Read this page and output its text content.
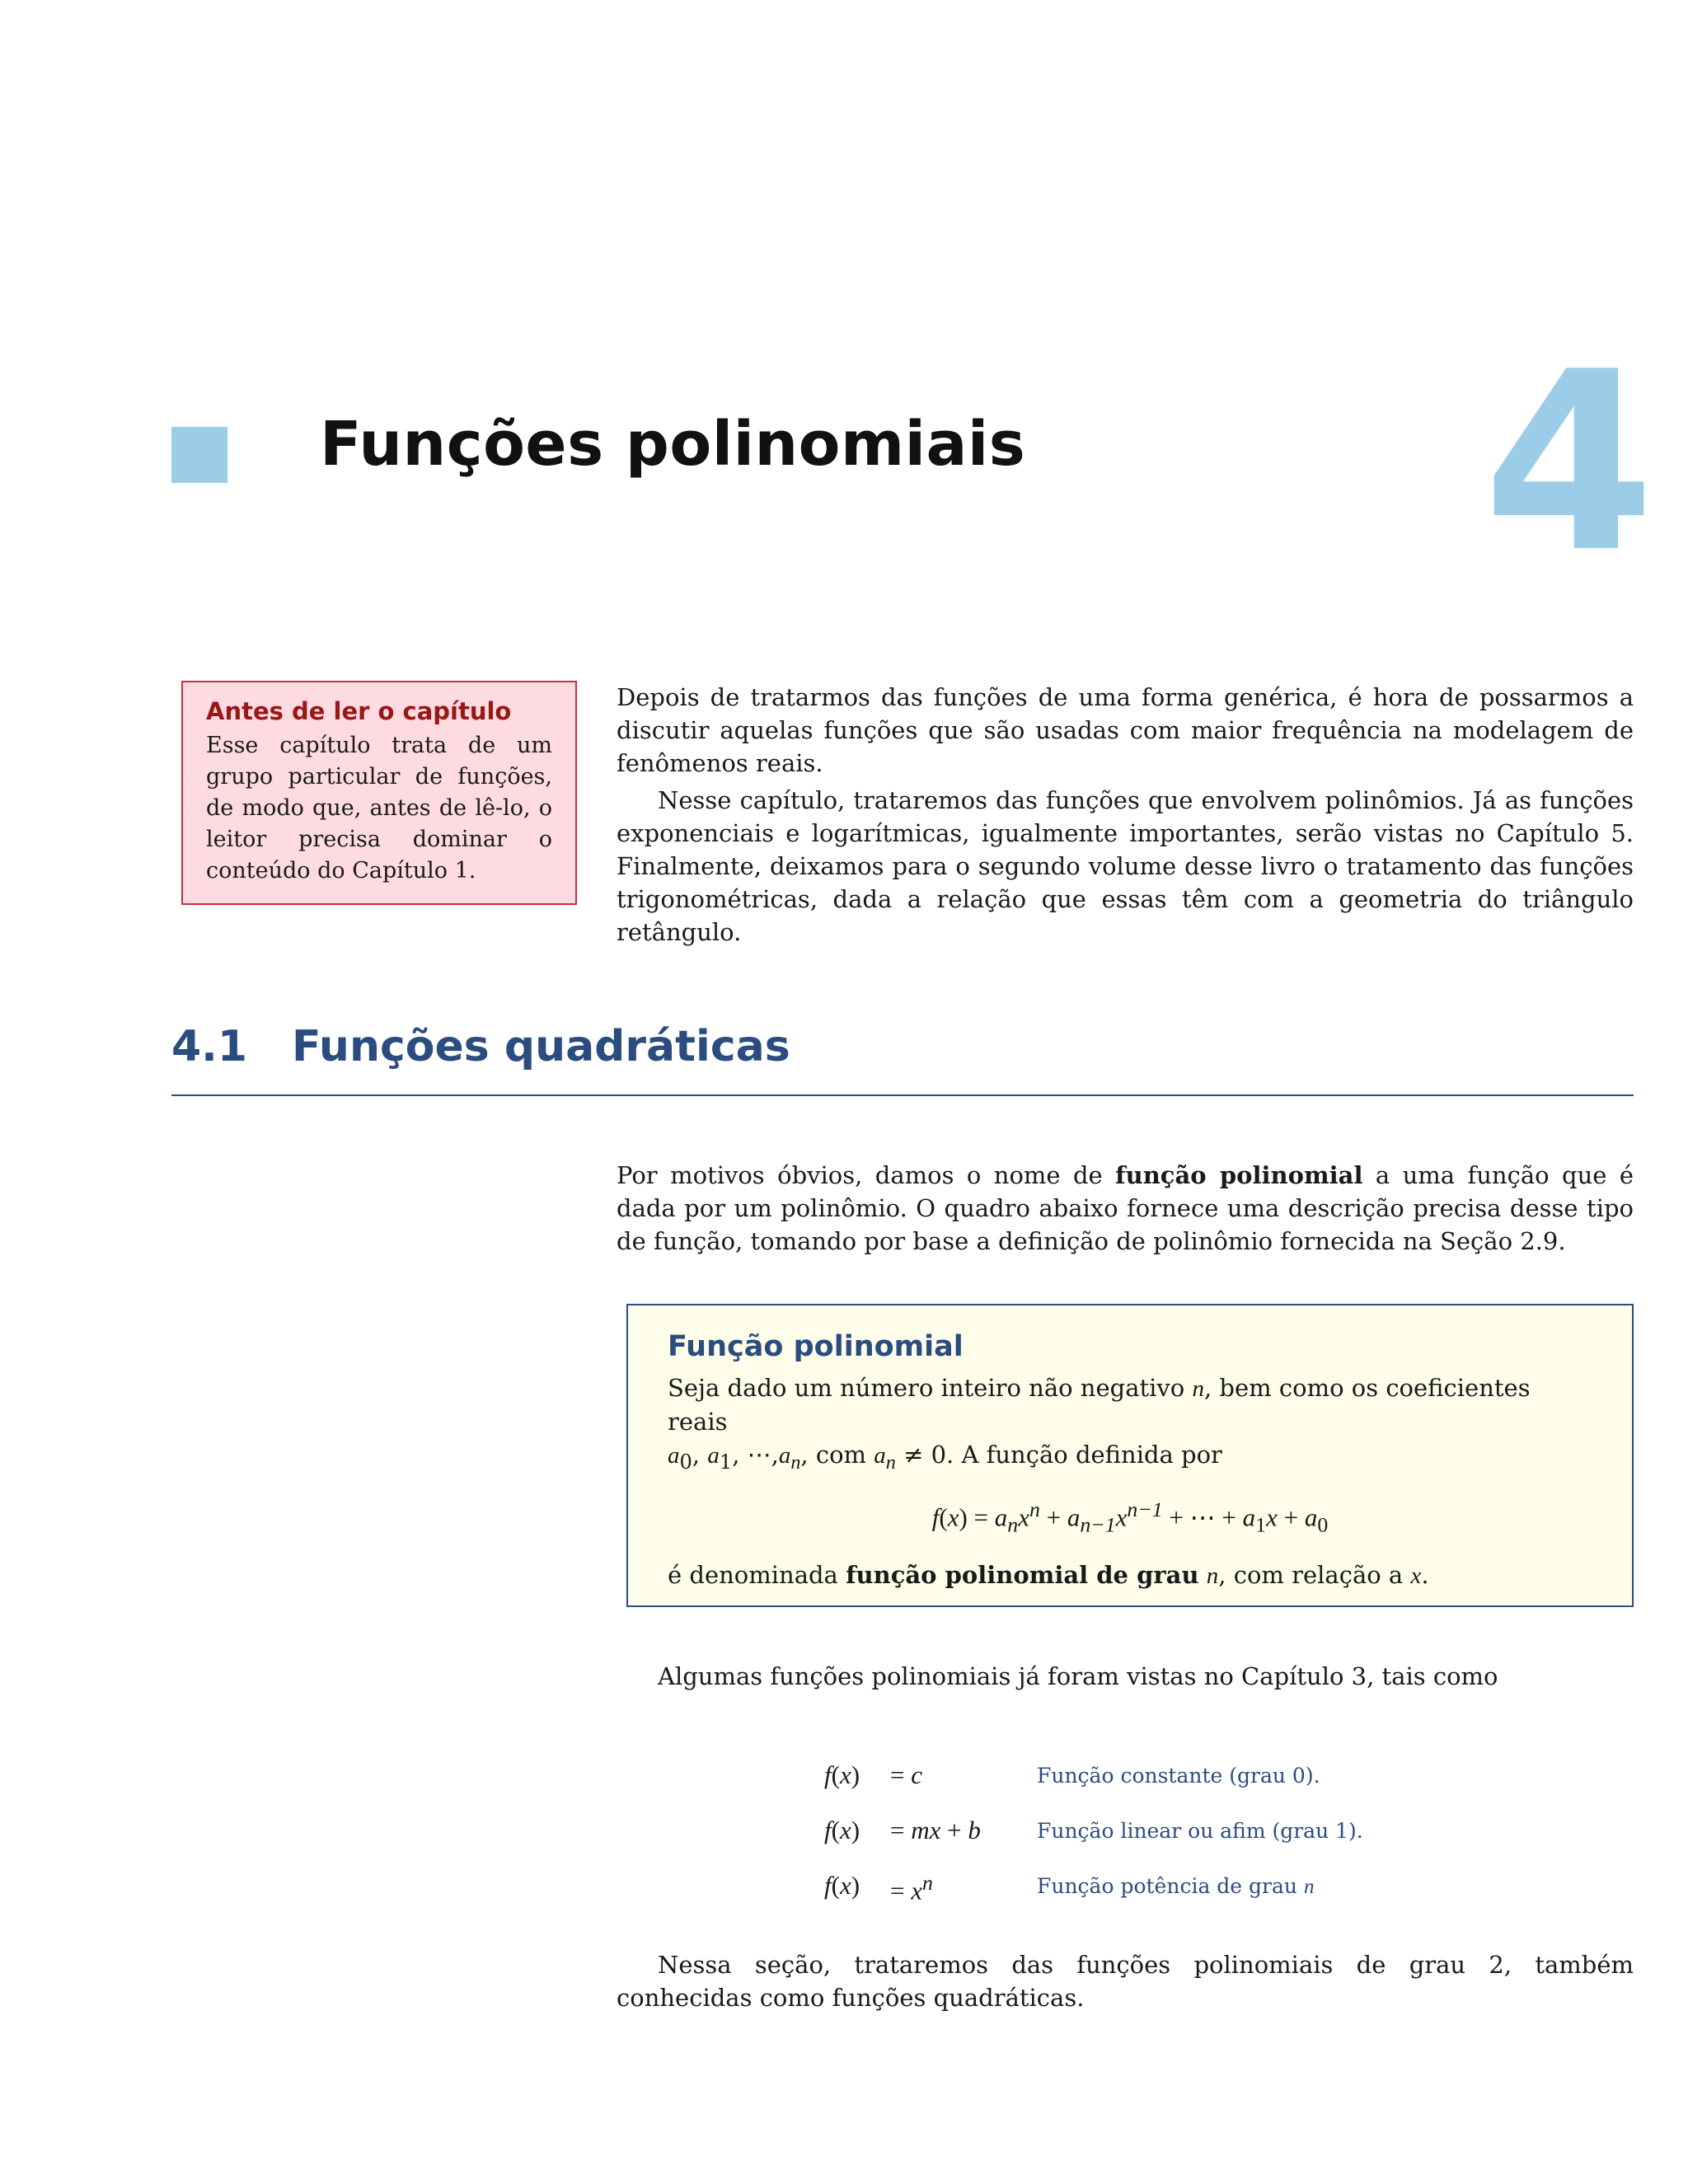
Funções polinomiais 4
Antes de ler o capítulo
Esse capítulo trata de um grupo particular de funções, de modo que, antes de lê-lo, o leitor precisa dominar o conteúdo do Capítulo 1.

Depois de tratarmos das funções de uma forma genérica, é hora de possarmos a discutir aquelas funções que são usadas com maior frequência na modelagem de fenômenos reais.

Nesse capítulo, trataremos das funções que envolvem polinômios. Já as funções exponenciais e logarítmicas, igualmente importantes, serão vistas no Capítulo 5. Finalmente, deixamos para o segundo volume desse livro o tratamento das funções trigonométricas, dada a relação que essas têm com a geometria do triângulo retângulo.

4.1 Funções quadráticas

Por motivos óbvios, damos o nome de função polinomial a uma função que é dada por um polinômio. O quadro abaixo fornece uma descrição precisa desse tipo de função, tomando por base a definição de polinômio fornecida na Seção 2.9.

Função polinomial
Seja dado um número inteiro não negativo n, bem como os coeficientes reais
$a_0$, $a_1$, $\cdots,a_n$, com $a_n \ne 0$. A função definida por
$f(x) = a_nx^n + a_{n-1}x^{n-1}$ + ⋯ + $a_1x + a_0$
é denominada função polinomial de grau n, com relação a x.

Algumas funções polinomiais já foram vistas no Capítulo 3, tais como

f(x) = c	Função constante (grau 0).
f(x) = mx + b	Função linear ou afim (grau 1).
$f(x) = x^n$	Função potência de grau n

Nessa seção, trataremos das funções polinomiais de grau 2, também conhecidas como funções quadráticas.
